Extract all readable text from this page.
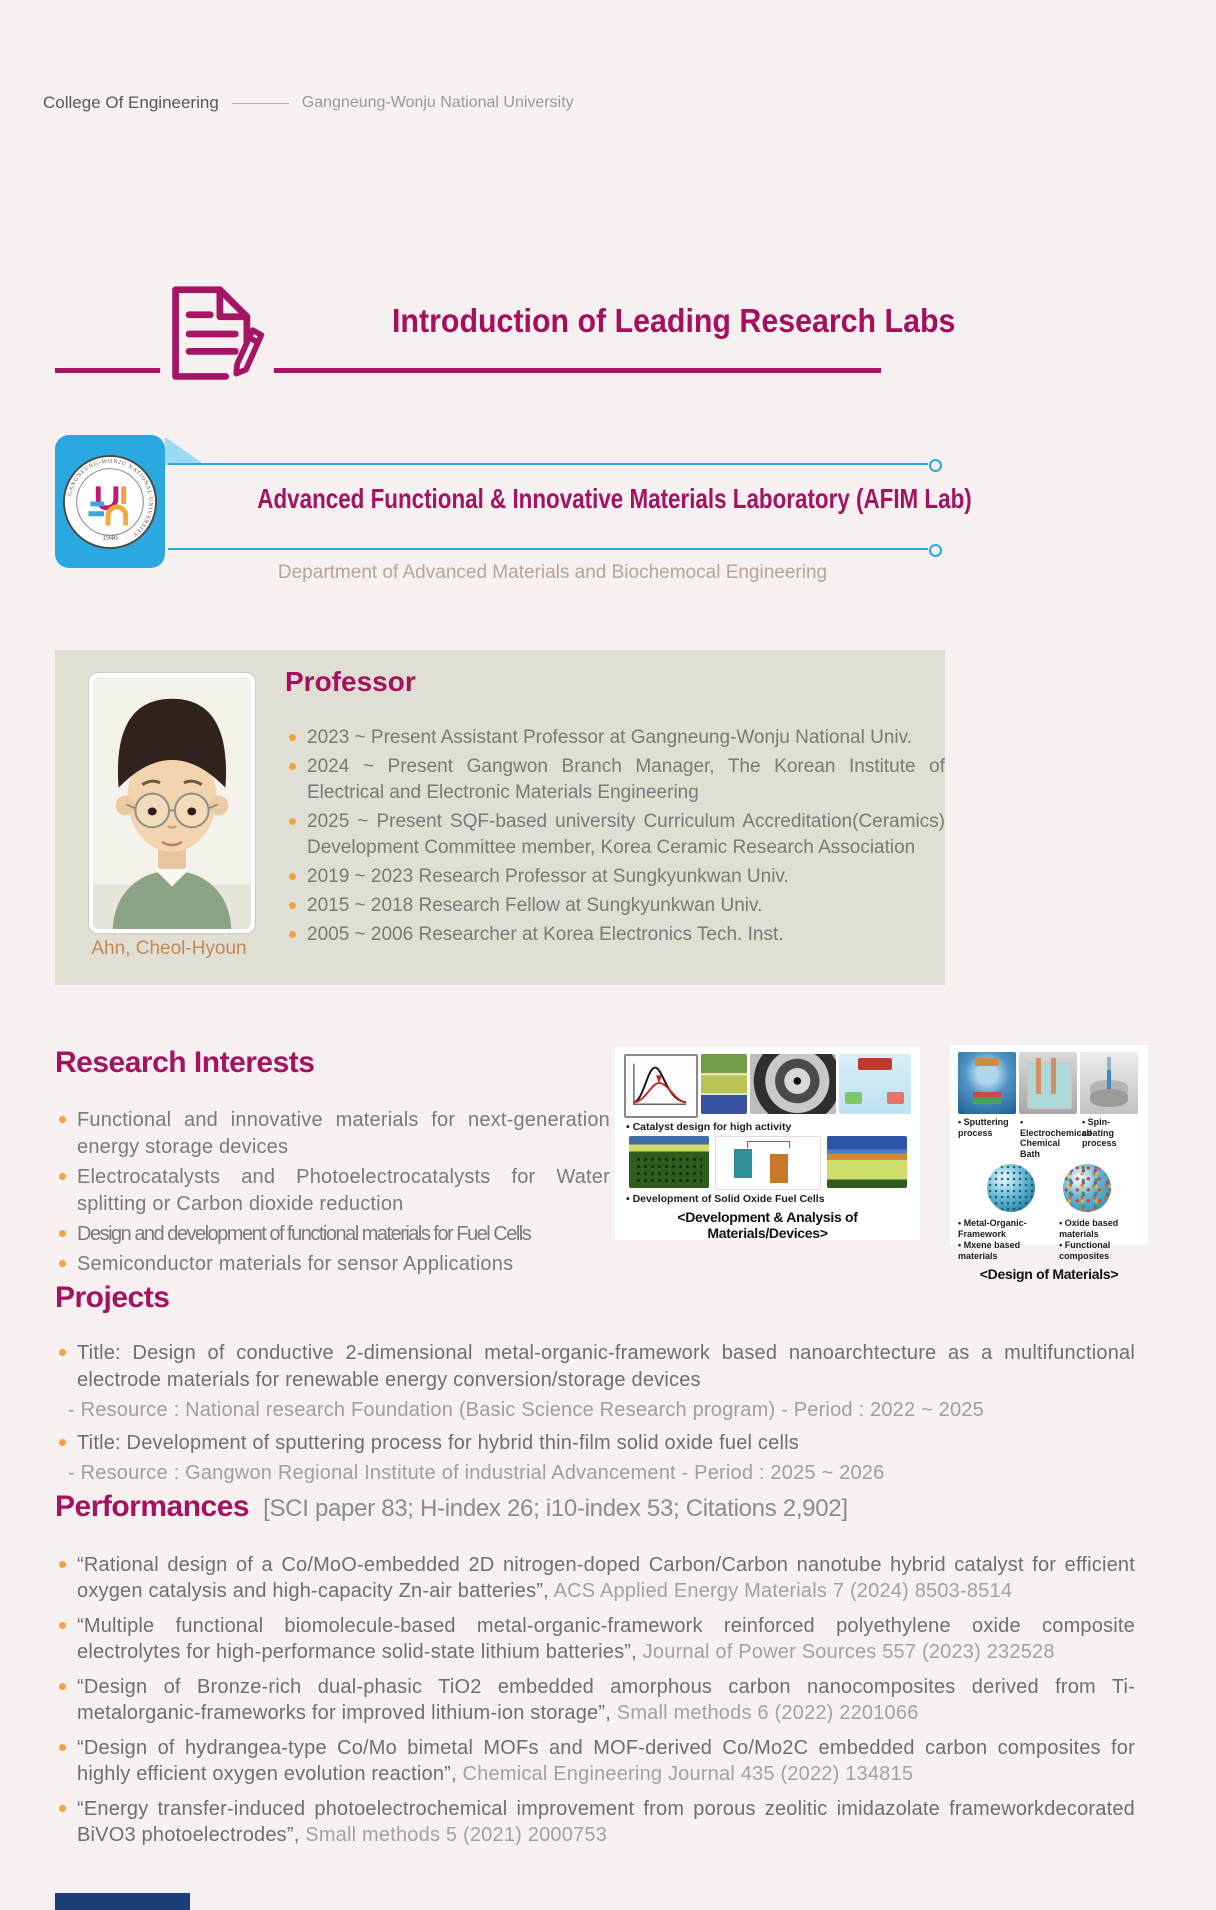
College Of Engineering	Gangneung-Wonju National University
Introduction of Leading Research Labs
GANGNEUNG-WONJU NATIONAL UNIVERSITY
1946
Advanced Functional & Innovative Materials Laboratory (AFIM Lab)
Department of Advanced Materials and Biochemocal Engineering
Ahn, Cheol-Hyoun
Professor
2023 ~ Present Assistant Professor at Gangneung-Wonju National Univ.
2024 ~ Present Gangwon Branch Manager, The Korean Institute of Electrical and Electronic Materials Engineering
2025 ~ Present SQF-based university Curriculum Accreditation(Ceramics) Development Committee member, Korea Ceramic Research Association
2019 ~ 2023 Research Professor at Sungkyunkwan Univ.
2015 ~ 2018 Research Fellow at Sungkyunkwan Univ.
2005 ~ 2006 Researcher at Korea Electronics Tech. Inst.
Research Interests
Functional and innovative materials for next-generation energy storage devices
Electrocatalysts and Photoelectrocatalysts for Water splitting or Carbon dioxide reduction
Design and development of functional materials for Fuel Cells
Semiconductor materials for sensor Applications
• Catalyst design for high activity
• Development of Solid Oxide Fuel Cells
<Development & Analysis of Materials/Devices>
• Sputtering process
• Electrochemical/ Chemical Bath
• Spin-coating process
• Metal-Organic-Framework
• Mxene based materials
• Oxide based materials
• Functional composites
<Design of Materials>
Projects
Title: Design of conductive 2-dimensional metal-organic-framework based nanoarchtecture as a multifunctional electrode materials for renewable energy conversion/storage devices
- Resource : National research Foundation (Basic Science Research program) - Period : 2022 ~ 2025
Title: Development of sputtering process for hybrid thin-film solid oxide fuel cells
- Resource : Gangwon Regional Institute of industrial Advancement - Period : 2025 ~ 2026
Performances [SCI paper 83; H-index 26; i10-index 53; Citations 2,902]
“Rational design of a Co/MoO-embedded 2D nitrogen-doped Carbon/Carbon nanotube hybrid catalyst for efficient oxygen catalysis and high-capacity Zn-air batteries”, ACS Applied Energy Materials 7 (2024) 8503-8514
“Multiple functional biomolecule-based metal-organic-framework reinforced polyethylene oxide composite electrolytes for high-performance solid-state lithium batteries”, Journal of Power Sources 557 (2023) 232528
“Design of Bronze-rich dual-phasic TiO2 embedded amorphous carbon nanocomposites derived from Ti-metalorganic-frameworks for improved lithium-ion storage”, Small methods 6 (2022) 2201066
“Design of hydrangea-type Co/Mo bimetal MOFs and MOF-derived Co/Mo2C embedded carbon composites for highly efficient oxygen evolution reaction”, Chemical Engineering Journal 435 (2022) 134815
“Energy transfer-induced photoelectrochemical improvement from porous zeolitic imidazolate frameworkdecorated BiVO3 photoelectrodes”, Small methods 5 (2021) 2000753
